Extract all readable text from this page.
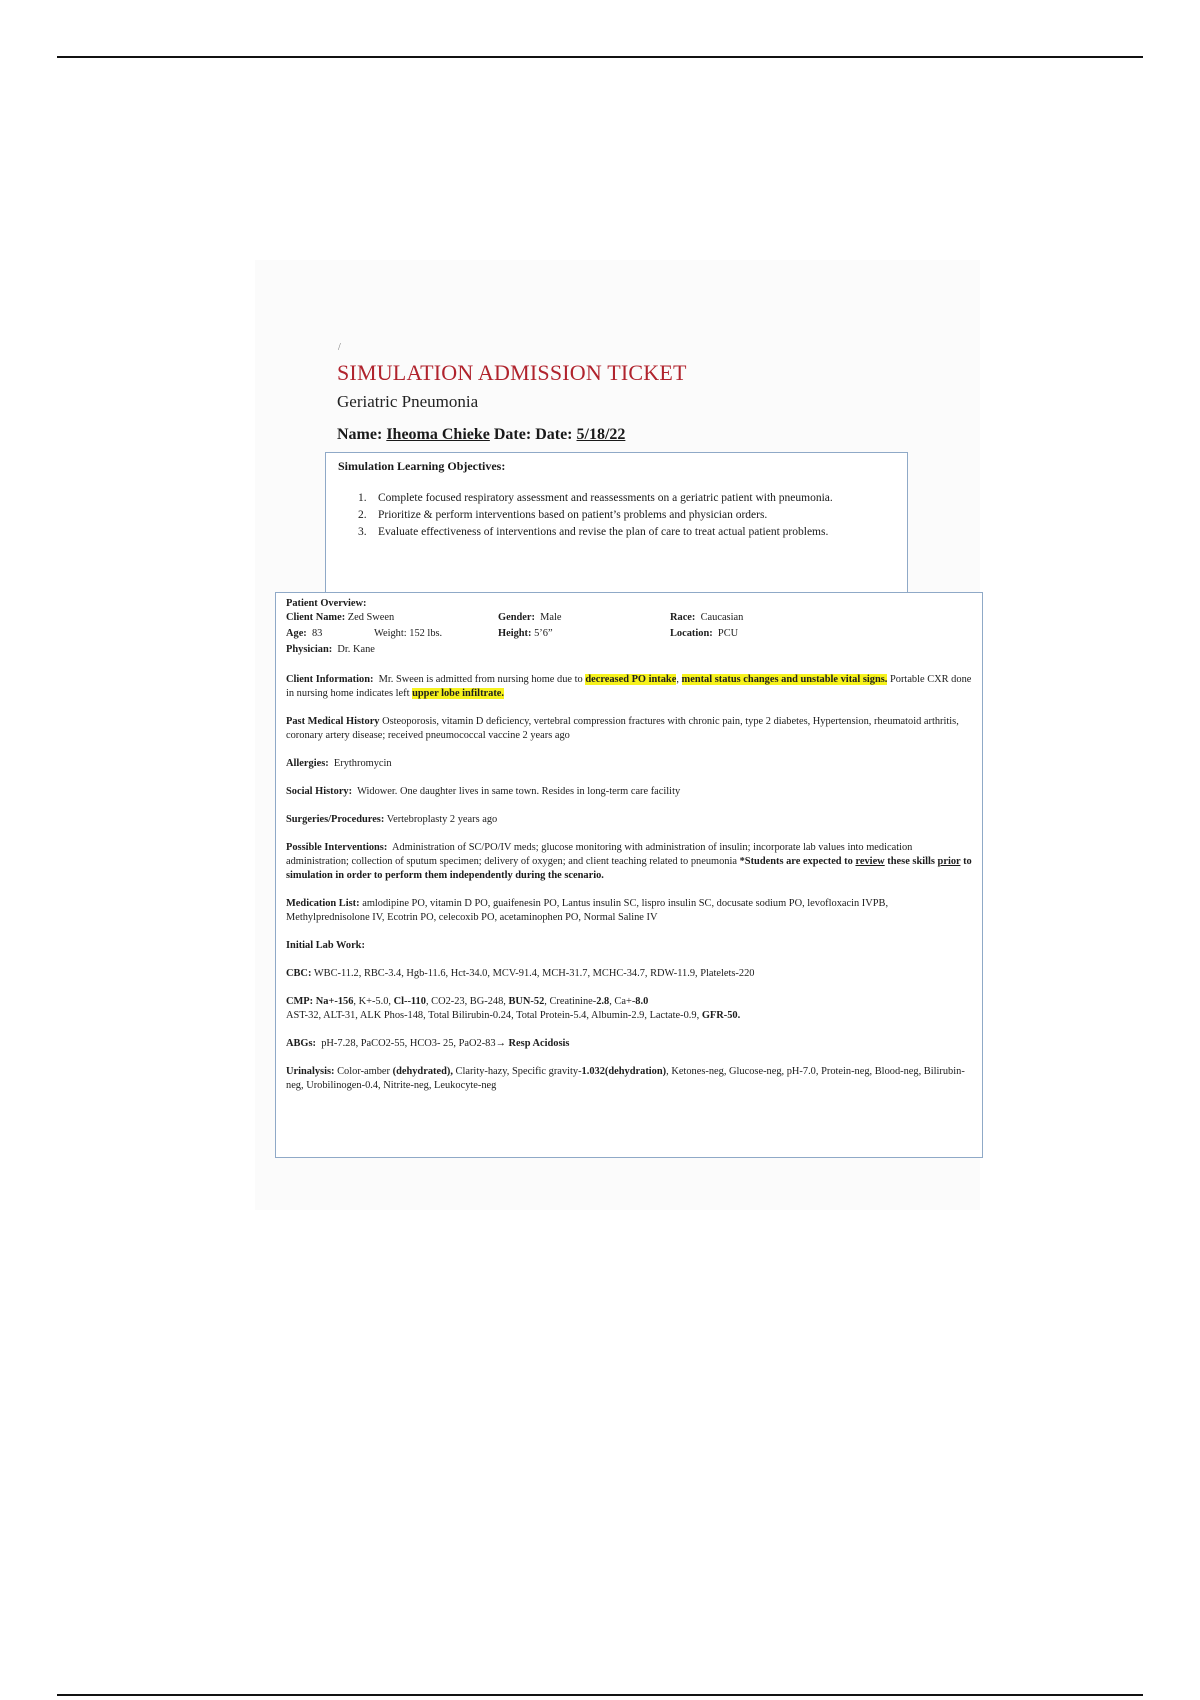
/
SIMULATION ADMISSION TICKET
Geriatric Pneumonia
Name: Iheoma Chieke Date: Date: 5/18/22
Simulation Learning Objectives:
1. Complete focused respiratory assessment and reassessments on a geriatric patient with pneumonia.
2. Prioritize & perform interventions based on patient’s problems and physician orders.
3. Evaluate effectiveness of interventions and revise the plan of care to treat actual patient problems.
Patient Overview:
Client Name: Zed Sween	Gender: Male	Race: Caucasian
Age: 83	Weight: 152 lbs.	Height: 5’6”	Location: PCU
Physician: Dr. Kane

Client Information: Mr. Sween is admitted from nursing home due to decreased PO intake, mental status changes and unstable vital signs. Portable CXR done in nursing home indicates left upper lobe infiltrate.

Past Medical History Osteoporosis, vitamin D deficiency, vertebral compression fractures with chronic pain, type 2 diabetes, Hypertension, rheumatoid arthritis, coronary artery disease; received pneumococcal vaccine 2 years ago

Allergies: Erythromycin

Social History: Widower. One daughter lives in same town. Resides in long-term care facility

Surgeries/Procedures: Vertebroplasty 2 years ago

Possible Interventions: Administration of SC/PO/IV meds; glucose monitoring with administration of insulin; incorporate lab values into medication administration; collection of sputum specimen; delivery of oxygen; and client teaching related to pneumonia *Students are expected to review these skills prior to simulation in order to perform them independently during the scenario.

Medication List: amlodipine PO, vitamin D PO, guaifenesin PO, Lantus insulin SC, lispro insulin SC, docusate sodium PO, levofloxacin IVPB, Methylprednisolone IV, Ecotrin PO, celecoxib PO, acetaminophen PO, Normal Saline IV

Initial Lab Work:

CBC: WBC-11.2, RBC-3.4, Hgb-11.6, Hct-34.0, MCV-91.4, MCH-31.7, MCHC-34.7, RDW-11.9, Platelets-220

CMP: Na+-156, K+-5.0, Cl--110, CO2-23, BG-248, BUN-52, Creatinine-2.8, Ca+-8.0
AST-32, ALT-31, ALK Phos-148, Total Bilirubin-0.24, Total Protein-5.4, Albumin-2.9, Lactate-0.9, GFR-50.

ABGs: pH-7.28, PaCO2-55, HCO3- 25, PaO2-83→ Resp Acidosis

Urinalysis: Color-amber (dehydrated), Clarity-hazy, Specific gravity-1.032(dehydration), Ketones-neg, Glucose-neg, pH-7.0, Protein-neg, Blood-neg, Bilirubin-neg, Urobilinogen-0.4, Nitrite-neg, Leukocyte-neg
